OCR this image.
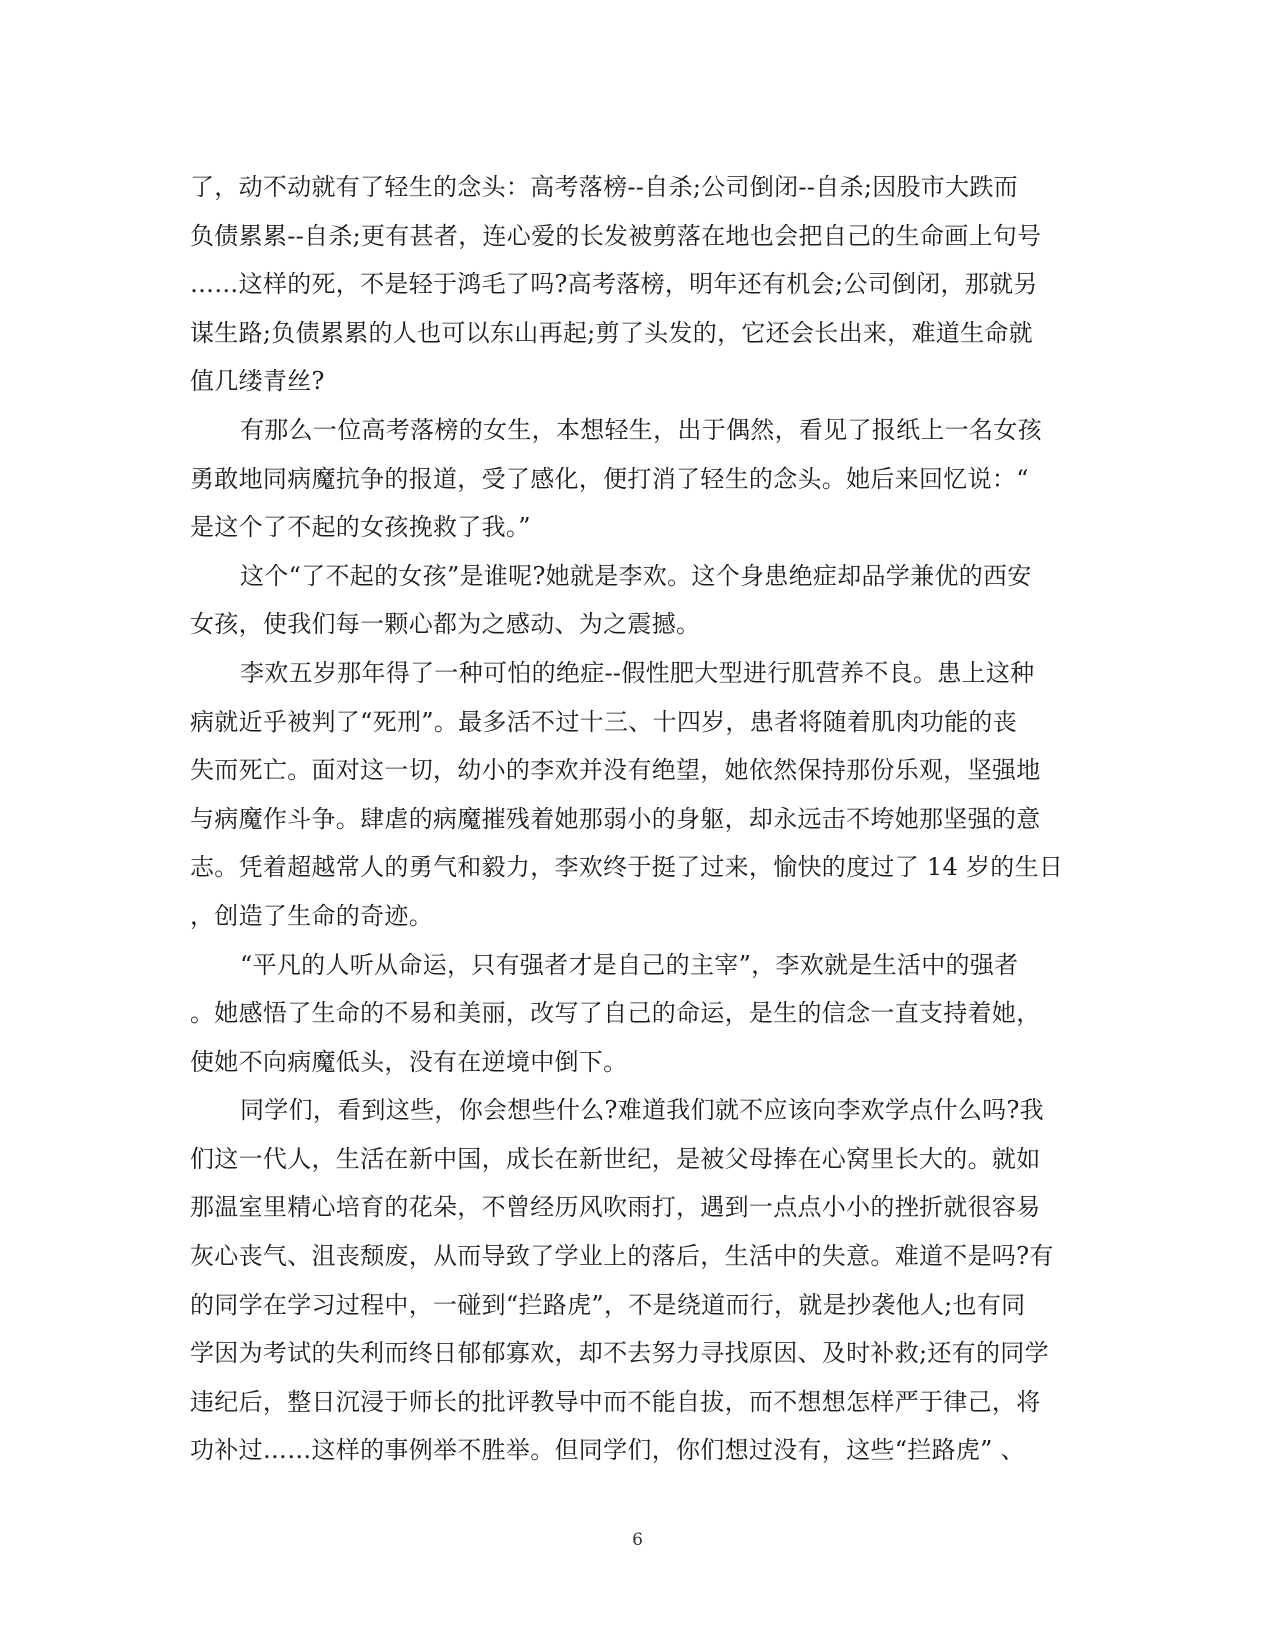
了，动不动就有了轻生的念头：高考落榜--自杀;公司倒闭--自杀;因股市大跌而
负债累累--自杀;更有甚者，连心爱的长发被剪落在地也会把自己的生命画上句号
……这样的死，不是轻于鸿毛了吗?高考落榜，明年还有机会;公司倒闭，那就另
谋生路;负债累累的人也可以东山再起;剪了头发的，它还会长出来，难道生命就
值几缕青丝?
有那么一位高考落榜的女生，本想轻生，出于偶然，看见了报纸上一名女孩
勇敢地同病魔抗争的报道，受了感化，便打消了轻生的念头。她后来回忆说：“
是这个了不起的女孩挽救了我。”
这个“了不起的女孩”是谁呢?她就是李欢。这个身患绝症却品学兼优的西安
女孩，使我们每一颗心都为之感动、为之震撼。
李欢五岁那年得了一种可怕的绝症--假性肥大型进行肌营养不良。患上这种
病就近乎被判了“死刑”。最多活不过十三、十四岁，患者将随着肌肉功能的丧
失而死亡。面对这一切，幼小的李欢并没有绝望，她依然保持那份乐观，坚强地
与病魔作斗争。肆虐的病魔摧残着她那弱小的身躯，却永远击不垮她那坚强的意
志。凭着超越常人的勇气和毅力，李欢终于挺了过来，愉快的度过了 14 岁的生日
，创造了生命的奇迹。
“平凡的人听从命运，只有强者才是自己的主宰”，李欢就是生活中的强者
。她感悟了生命的不易和美丽，改写了自己的命运，是生的信念一直支持着她，
使她不向病魔低头，没有在逆境中倒下。
同学们，看到这些，你会想些什么?难道我们就不应该向李欢学点什么吗?我
们这一代人，生活在新中国，成长在新世纪，是被父母捧在心窝里长大的。就如
那温室里精心培育的花朵，不曾经历风吹雨打，遇到一点点小小的挫折就很容易
灰心丧气、沮丧颓废，从而导致了学业上的落后，生活中的失意。难道不是吗?有
的同学在学习过程中，一碰到“拦路虎”，不是绕道而行，就是抄袭他人;也有同
学因为考试的失利而终日郁郁寡欢，却不去努力寻找原因、及时补救;还有的同学
违纪后，整日沉浸于师长的批评教导中而不能自拔，而不想想怎样严于律己，将
功补过……这样的事例举不胜举。但同学们，你们想过没有，这些“拦路虎” 、
6
